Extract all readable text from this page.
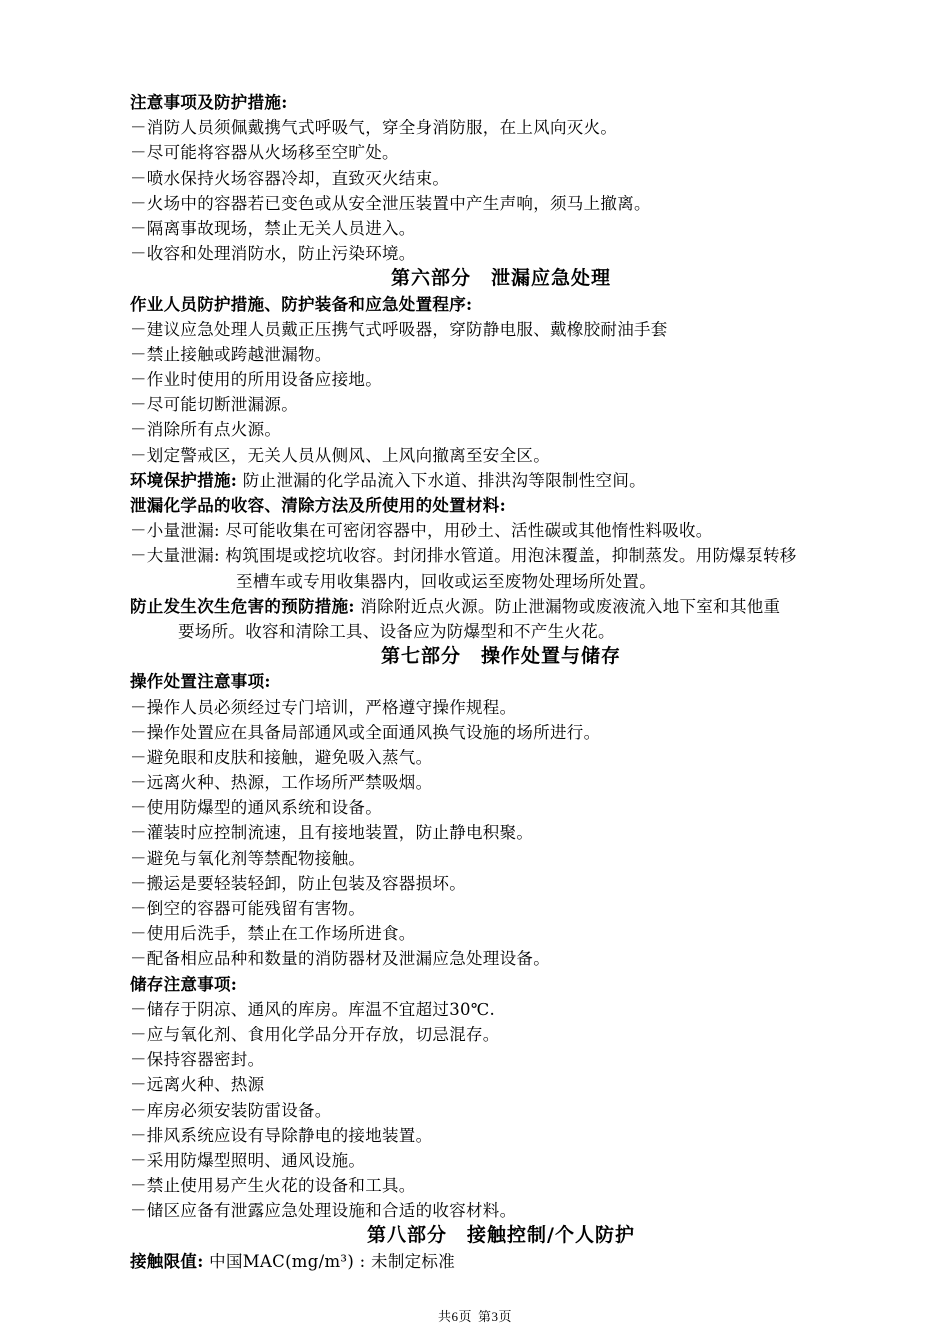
注意事项及防护措施:
－消防人员须佩戴携气式呼吸气，穿全身消防服，在上风向灭火。
－尽可能将容器从火场移至空旷处。
－喷水保持火场容器冷却，直致灭火结束。
－火场中的容器若已变色或从安全泄压装置中产生声响，须马上撤离。
－隔离事故现场，禁止无关人员进入。
－收容和处理消防水，防止污染环境。
第六部分　泄漏应急处理
作业人员防护措施、防护装备和应急处置程序:
－建议应急处理人员戴正压携气式呼吸器，穿防静电服、戴橡胶耐油手套
－禁止接触或跨越泄漏物。
－作业时使用的所用设备应接地。
－尽可能切断泄漏源。
－消除所有点火源。
－划定警戒区，无关人员从侧风、上风向撤离至安全区。
环境保护措施: 防止泄漏的化学品流入下水道、排洪沟等限制性空间。
泄漏化学品的收容、清除方法及所使用的处置材料:
－小量泄漏: 尽可能收集在可密闭容器中，用砂土、活性碳或其他惰性料吸收。
－大量泄漏: 构筑围堤或挖坑收容。封闭排水管道。用泡沫覆盖，抑制蒸发。用防爆泵转移
至槽车或专用收集器内，回收或运至废物处理场所处置。
防止发生次生危害的预防措施: 消除附近点火源。防止泄漏物或废液流入地下室和其他重
要场所。收容和清除工具、设备应为防爆型和不产生火花。
第七部分　操作处置与储存
操作处置注意事项:
－操作人员必须经过专门培训，严格遵守操作规程。
－操作处置应在具备局部通风或全面通风换气设施的场所进行。
－避免眼和皮肤和接触，避免吸入蒸气。
－远离火种、热源，工作场所严禁吸烟。
－使用防爆型的通风系统和设备。
－灌装时应控制流速，且有接地装置，防止静电积聚。
－避免与氧化剂等禁配物接触。
－搬运是要轻装轻卸，防止包装及容器损坏。
－倒空的容器可能残留有害物。
－使用后洗手，禁止在工作场所进食。
－配备相应品种和数量的消防器材及泄漏应急处理设备。
储存注意事项:
－储存于阴凉、通风的库房。库温不宜超过30℃.
－应与氧化剂、食用化学品分开存放，切忌混存。
－保持容器密封。
－远离火种、热源
－库房必须安装防雷设备。
－排风系统应设有导除静电的接地装置。
－采用防爆型照明、通风设施。
－禁止使用易产生火花的设备和工具。
－储区应备有泄露应急处理设施和合适的收容材料。
第八部分　接触控制/个人防护
接触限值: 中国MAC(mg/m³) : 未制定标准
共6页 第3页
